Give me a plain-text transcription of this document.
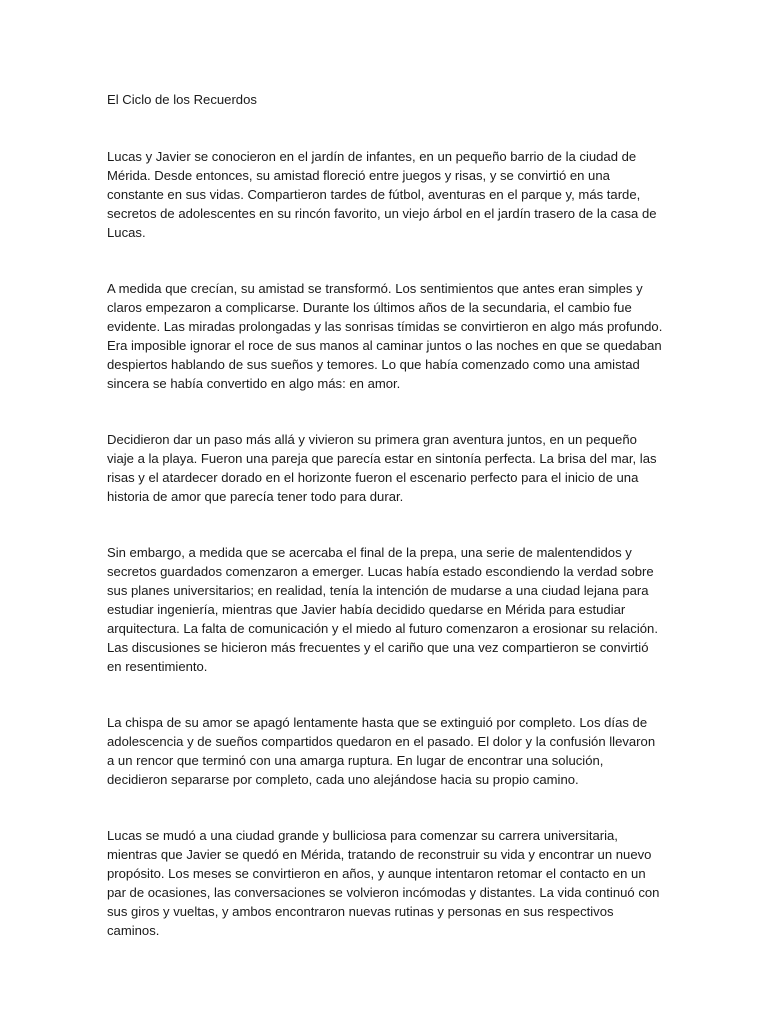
El Ciclo de los Recuerdos

Lucas y Javier se conocieron en el jardín de infantes, en un pequeño barrio de la ciudad de Mérida. Desde entonces, su amistad floreció entre juegos y risas, y se convirtió en una constante en sus vidas. Compartieron tardes de fútbol, aventuras en el parque y, más tarde, secretos de adolescentes en su rincón favorito, un viejo árbol en el jardín trasero de la casa de Lucas.

A medida que crecían, su amistad se transformó. Los sentimientos que antes eran simples y claros empezaron a complicarse. Durante los últimos años de la secundaria, el cambio fue evidente. Las miradas prolongadas y las sonrisas tímidas se convirtieron en algo más profundo. Era imposible ignorar el roce de sus manos al caminar juntos o las noches en que se quedaban despiertos hablando de sus sueños y temores. Lo que había comenzado como una amistad sincera se había convertido en algo más: en amor.

Decidieron dar un paso más allá y vivieron su primera gran aventura juntos, en un pequeño viaje a la playa. Fueron una pareja que parecía estar en sintonía perfecta. La brisa del mar, las risas y el atardecer dorado en el horizonte fueron el escenario perfecto para el inicio de una historia de amor que parecía tener todo para durar.

Sin embargo, a medida que se acercaba el final de la prepa, una serie de malentendidos y secretos guardados comenzaron a emerger. Lucas había estado escondiendo la verdad sobre sus planes universitarios; en realidad, tenía la intención de mudarse a una ciudad lejana para estudiar ingeniería, mientras que Javier había decidido quedarse en Mérida para estudiar arquitectura. La falta de comunicación y el miedo al futuro comenzaron a erosionar su relación. Las discusiones se hicieron más frecuentes y el cariño que una vez compartieron se convirtió en resentimiento.

La chispa de su amor se apagó lentamente hasta que se extinguió por completo. Los días de adolescencia y de sueños compartidos quedaron en el pasado. El dolor y la confusión llevaron a un rencor que terminó con una amarga ruptura. En lugar de encontrar una solución, decidieron separarse por completo, cada uno alejándose hacia su propio camino.

Lucas se mudó a una ciudad grande y bulliciosa para comenzar su carrera universitaria, mientras que Javier se quedó en Mérida, tratando de reconstruir su vida y encontrar un nuevo propósito. Los meses se convirtieron en años, y aunque intentaron retomar el contacto en un par de ocasiones, las conversaciones se volvieron incómodas y distantes. La vida continuó con sus giros y vueltas, y ambos encontraron nuevas rutinas y personas en sus respectivos caminos.
